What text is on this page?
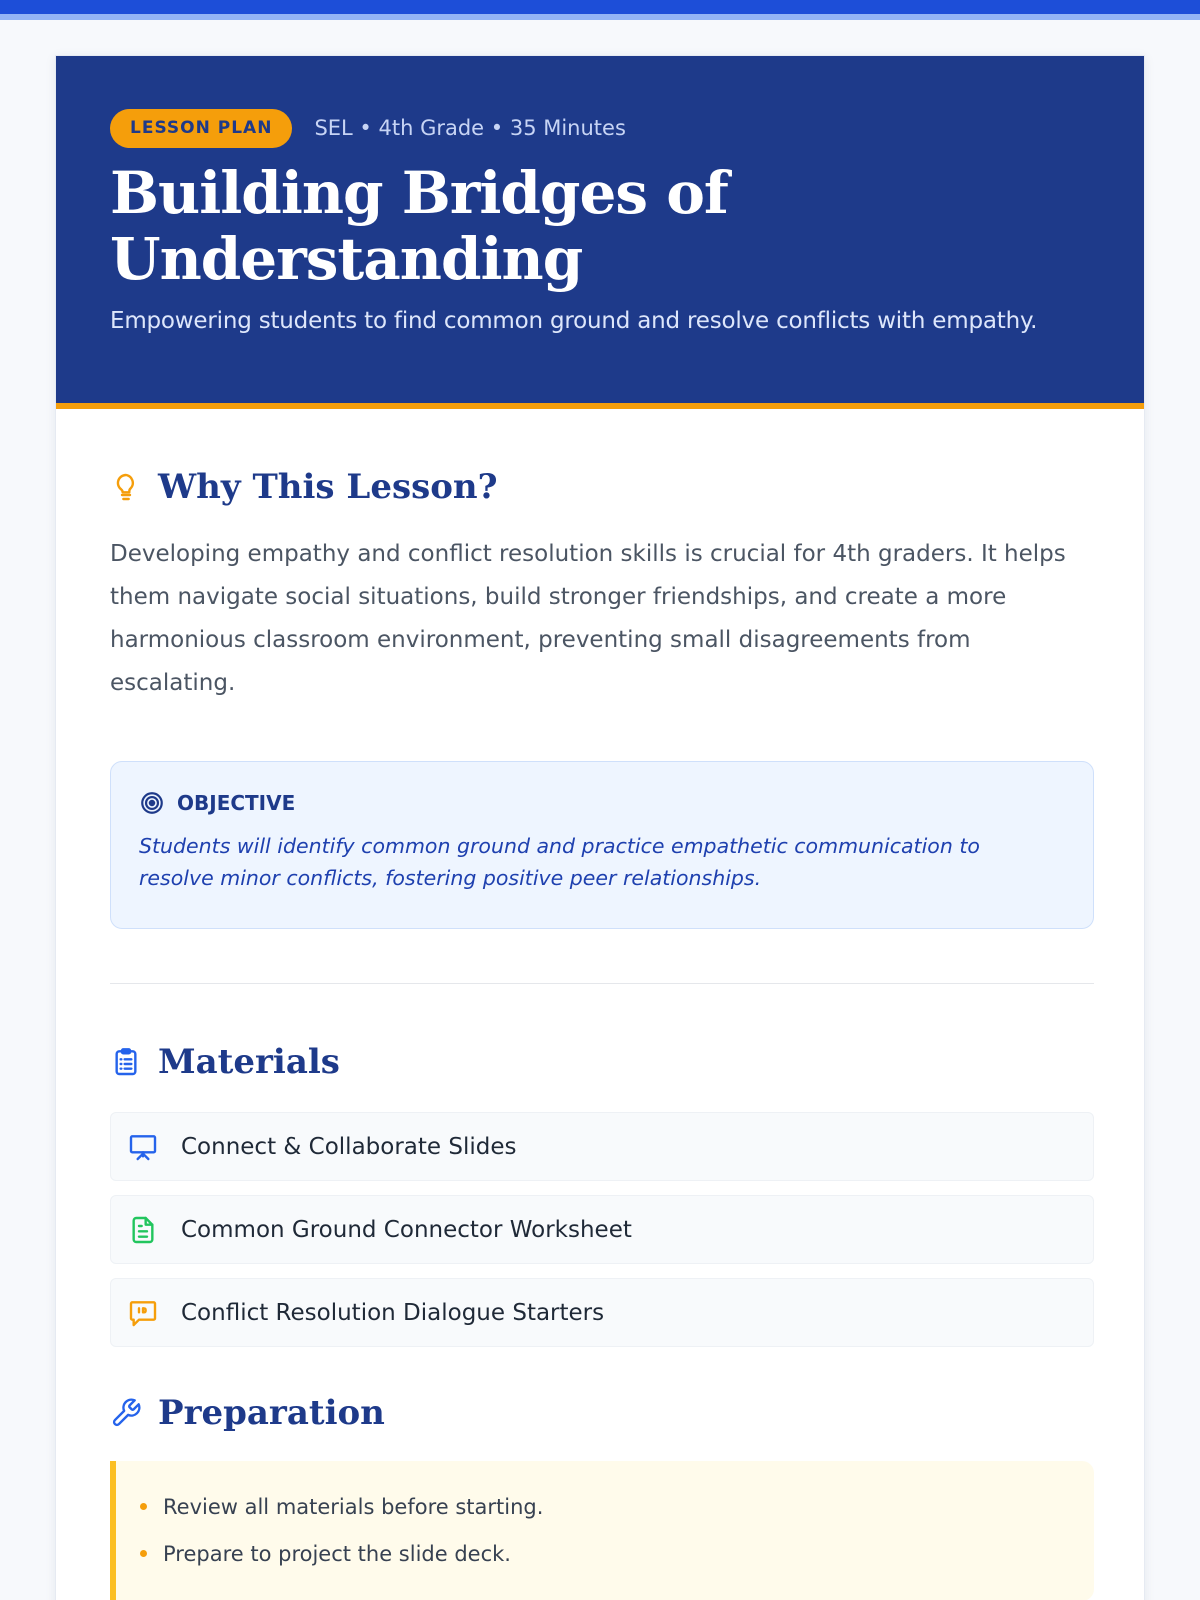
LESSON PLAN	SEL • 4th Grade • 35 Minutes
Building Bridges of Understanding

Empowering students to find common ground and resolve conflicts with empathy.

Why This Lesson?

Developing empathy and conflict resolution skills is crucial for 4th graders. It helps them navigate social situations, build stronger friendships, and create a more harmonious classroom environment, preventing small disagreements from escalating.

OBJECTIVE

Students will identify common ground and practice empathetic communication to resolve minor conflicts, fostering positive peer relationships.

Materials
Connect & Collaborate Slides
Common Ground Connector Worksheet
Conflict Resolution Dialogue Starters
Preparation
Review all materials before starting.
Prepare to project the slide deck.
